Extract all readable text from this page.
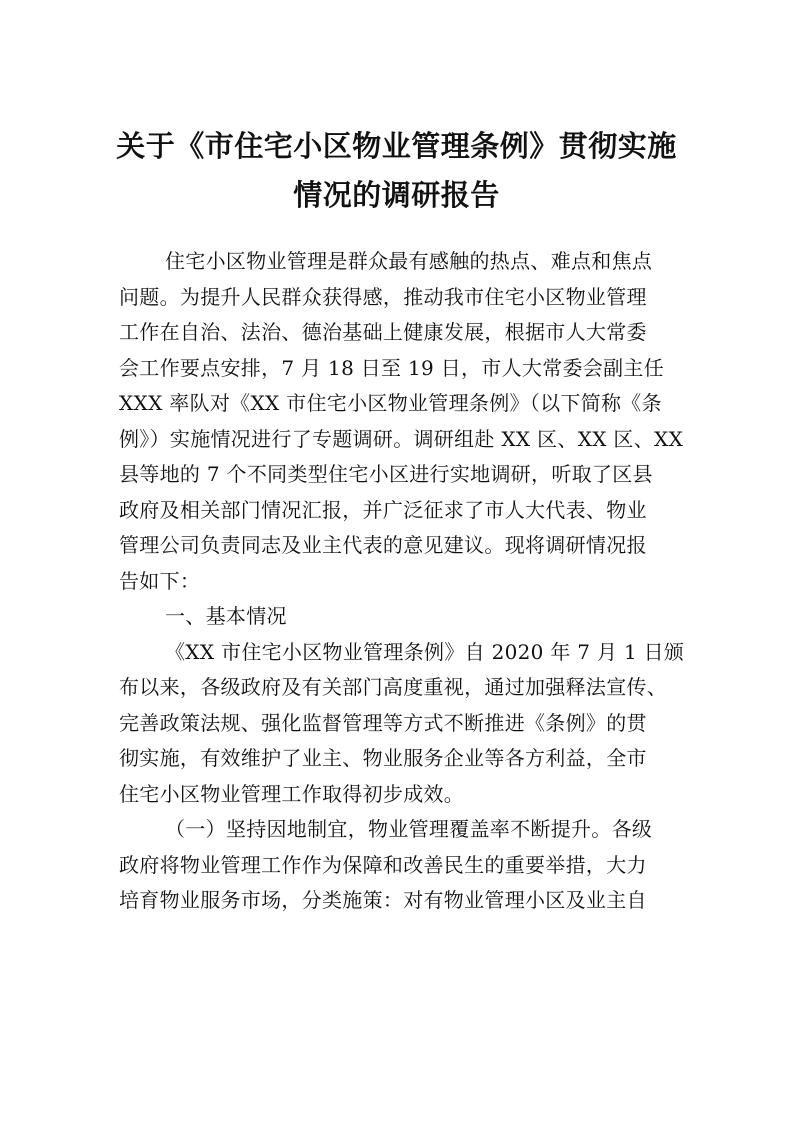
关于《市住宅小区物业管理条例》贯彻实施
情况的调研报告
住宅小区物业管理是群众最有感触的热点、难点和焦点
问题。为提升人民群众获得感，推动我市住宅小区物业管理
工作在自治、法治、德治基础上健康发展，根据市人大常委
会工作要点安排，7 月 18 日至 19 日，市人大常委会副主任
XXX 率队对《XX 市住宅小区物业管理条例》（以下简称《条
例》）实施情况进行了专题调研。调研组赴 XX 区、XX 区、XX
县等地的 7 个不同类型住宅小区进行实地调研，听取了区县
政府及相关部门情况汇报，并广泛征求了市人大代表、物业
管理公司负责同志及业主代表的意见建议。现将调研情况报
告如下：
一、基本情况
《XX 市住宅小区物业管理条例》自 2020 年 7 月 1 日颁
布以来，各级政府及有关部门高度重视，通过加强释法宣传、
完善政策法规、强化监督管理等方式不断推进《条例》的贯
彻实施，有效维护了业主、物业服务企业等各方利益，全市
住宅小区物业管理工作取得初步成效。
（一）坚持因地制宜，物业管理覆盖率不断提升。各级
政府将物业管理工作作为保障和改善民生的重要举措，大力
培育物业服务市场，分类施策：对有物业管理小区及业主自
